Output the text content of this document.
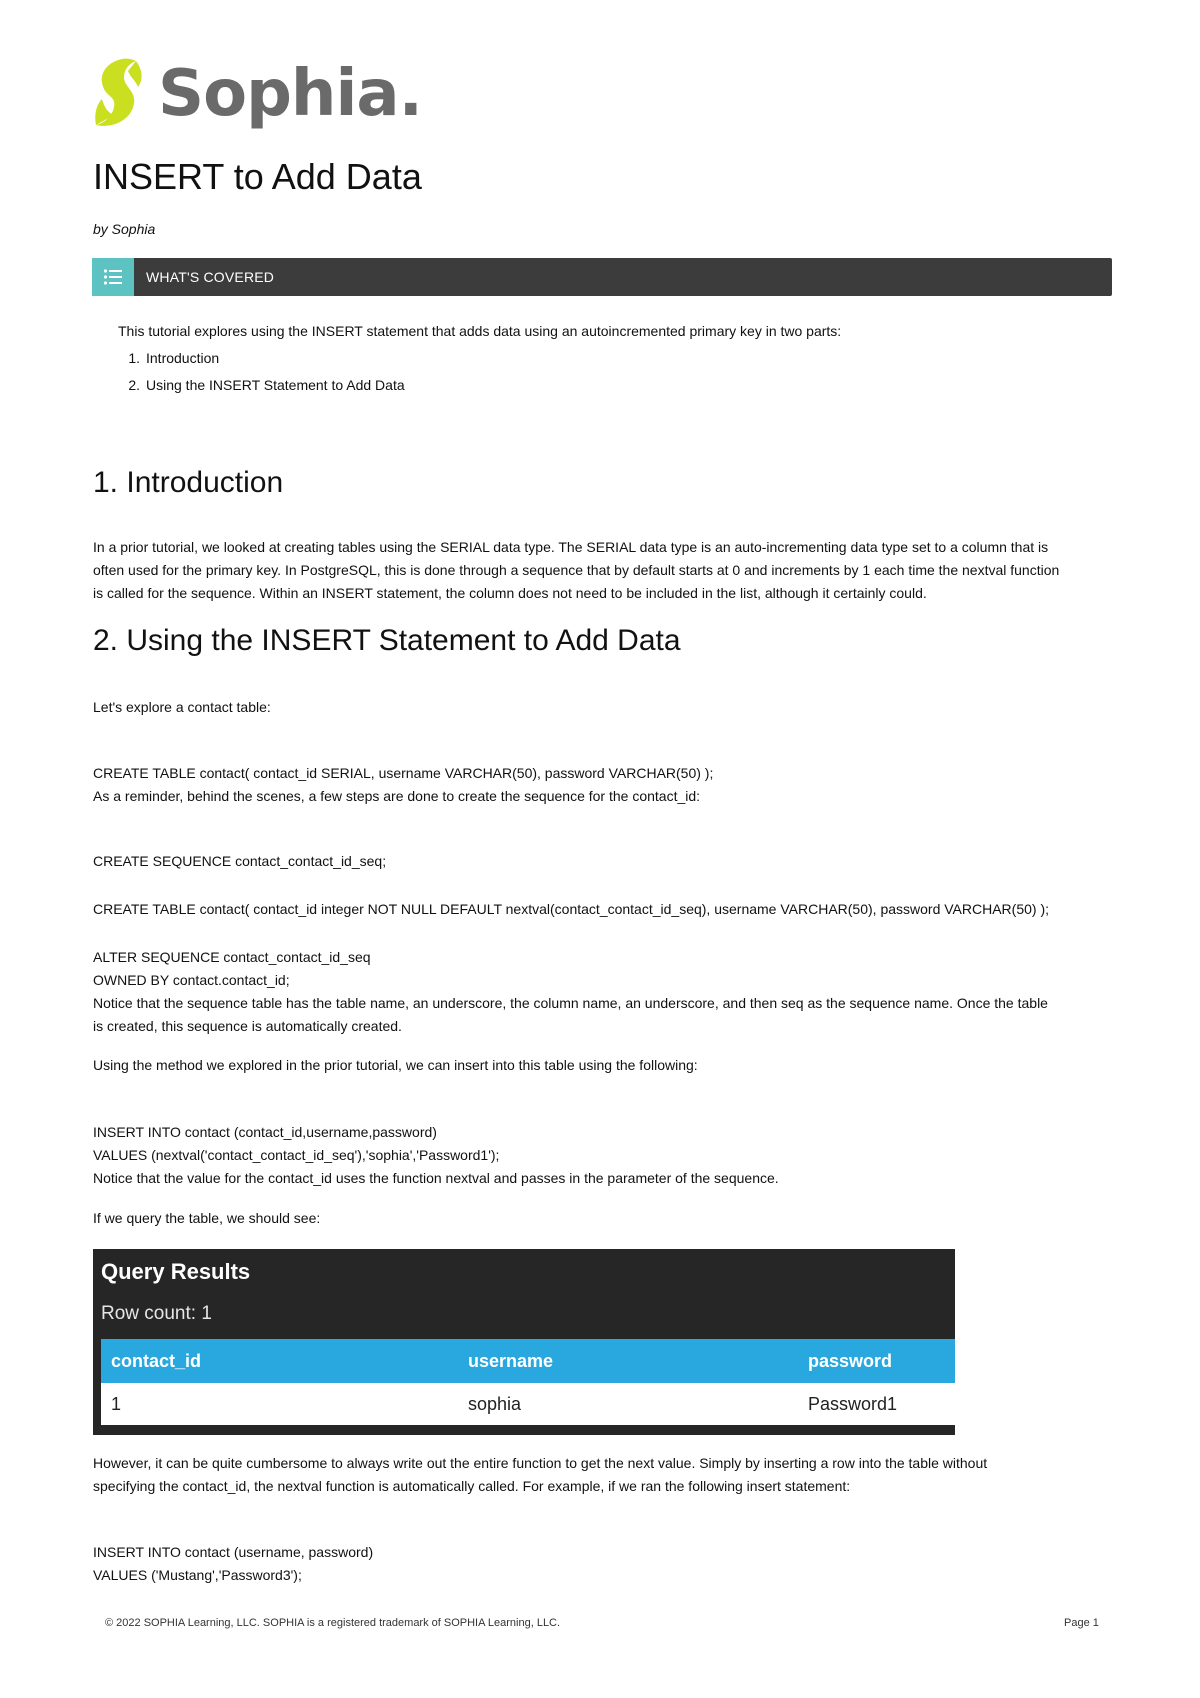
Sophia.
INSERT to Add Data
by Sophia
WHAT'S COVERED
This tutorial explores using the INSERT statement that adds data using an autoincremented primary key in two parts:
1. Introduction
2. Using the INSERT Statement to Add Data
1. Introduction
In a prior tutorial, we looked at creating tables using the SERIAL data type. The SERIAL data type is an auto-incrementing data type set to a column that is
often used for the primary key. In PostgreSQL, this is done through a sequence that by default starts at 0 and increments by 1 each time the nextval function
is called for the sequence. Within an INSERT statement, the column does not need to be included in the list, although it certainly could.
2. Using the INSERT Statement to Add Data
Let's explore a contact table:
CREATE TABLE contact( contact_id SERIAL, username VARCHAR(50), password VARCHAR(50) );
As a reminder, behind the scenes, a few steps are done to create the sequence for the contact_id:
CREATE SEQUENCE contact_contact_id_seq;
CREATE TABLE contact( contact_id integer NOT NULL DEFAULT nextval(contact_contact_id_seq), username VARCHAR(50), password VARCHAR(50) );
ALTER SEQUENCE contact_contact_id_seq
OWNED BY contact.contact_id;
Notice that the sequence table has the table name, an underscore, the column name, an underscore, and then seq as the sequence name. Once the table
is created, this sequence is automatically created.
Using the method we explored in the prior tutorial, we can insert into this table using the following:
INSERT INTO contact (contact_id,username,password)
VALUES (nextval('contact_contact_id_seq'),'sophia','Password1');
Notice that the value for the contact_id uses the function nextval and passes in the parameter of the sequence.
If we query the table, we should see:
Query Results
Row count: 1
contact_id	username	password
1	sophia	Password1
However, it can be quite cumbersome to always write out the entire function to get the next value. Simply by inserting a row into the table without
specifying the contact_id, the nextval function is automatically called. For example, if we ran the following insert statement:
INSERT INTO contact (username, password)
VALUES ('Mustang','Password3');
© 2022 SOPHIA Learning, LLC. SOPHIA is a registered trademark of SOPHIA Learning, LLC.	Page 1
